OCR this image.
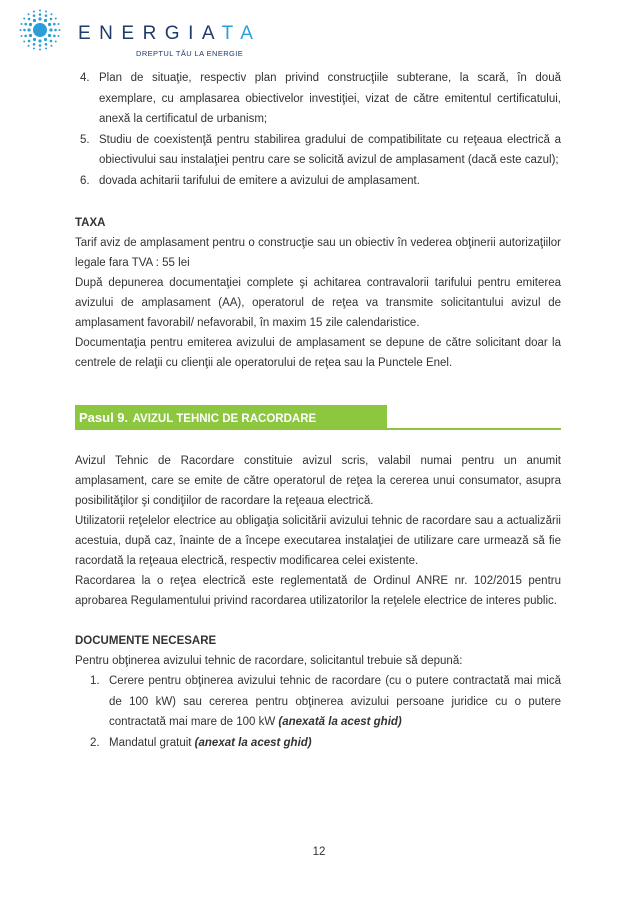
ENERGIATA
DREPTUL TĂU LA ENERGIE
4. Plan de situaţie, respectiv plan privind construcţiile subterane, la scară, în două exemplare, cu amplasarea obiectivelor investiţiei, vizat de către emitentul certificatului, anexă la certificatul de urbanism;
5. Studiu de coexistenţă pentru stabilirea gradului de compatibilitate cu reţeaua electrică a obiectivului sau instalaţiei pentru care se solicită avizul de amplasament (dacă este cazul);
6. dovada achitarii tarifului de emitere a avizului de amplasament.

TAXA

Tarif aviz de amplasament pentru o construcţie sau un obiectiv în vederea obţinerii autorizaţiilor legale fara TVA : 55 lei

După depunerea documentaţiei complete şi achitarea contravalorii tarifului pentru emiterea avizului de amplasament (AA), operatorul de reţea va transmite solicitantului avizul de amplasament favorabil/ nefavorabil, în maxim 15 zile calendaristice.

Documentaţia pentru emiterea avizului de amplasament se depune de către solicitant doar la centrele de relaţii cu clienţii ale operatorului de reţea sau la Punctele Enel.

Pasul 9. AVIZUL TEHNIC DE RACORDARE

Avizul Tehnic de Racordare constituie avizul scris, valabil numai pentru un anumit amplasament, care se emite de către operatorul de reţea la cererea unui consumator, asupra posibilităţilor şi condiţiilor de racordare la reţeaua electrică.

Utilizatorii reţelelor electrice au obligaţia solicitării avizului tehnic de racordare sau a actualizării acestuia, după caz, înainte de a începe executarea instalaţiei de utilizare care urmează să fie racordată la reţeaua electrică, respectiv modificarea celei existente.

Racordarea la o reţea electrică este reglementată de Ordinul ANRE nr. 102/2015 pentru aprobarea Regulamentului privind racordarea utilizatorilor la reţelele electrice de interes public.

DOCUMENTE NECESARE

Pentru obţinerea avizului tehnic de racordare, solicitantul trebuie să depună:

1. Cerere pentru obţinerea avizului tehnic de racordare (cu o putere contractată mai mică de 100 kW) sau cererea pentru obţinerea avizului persoane juridice cu o putere contractată mai mare de 100 kW (anexată la acest ghid)
2. Mandatul gratuit (anexat la acest ghid)
12
